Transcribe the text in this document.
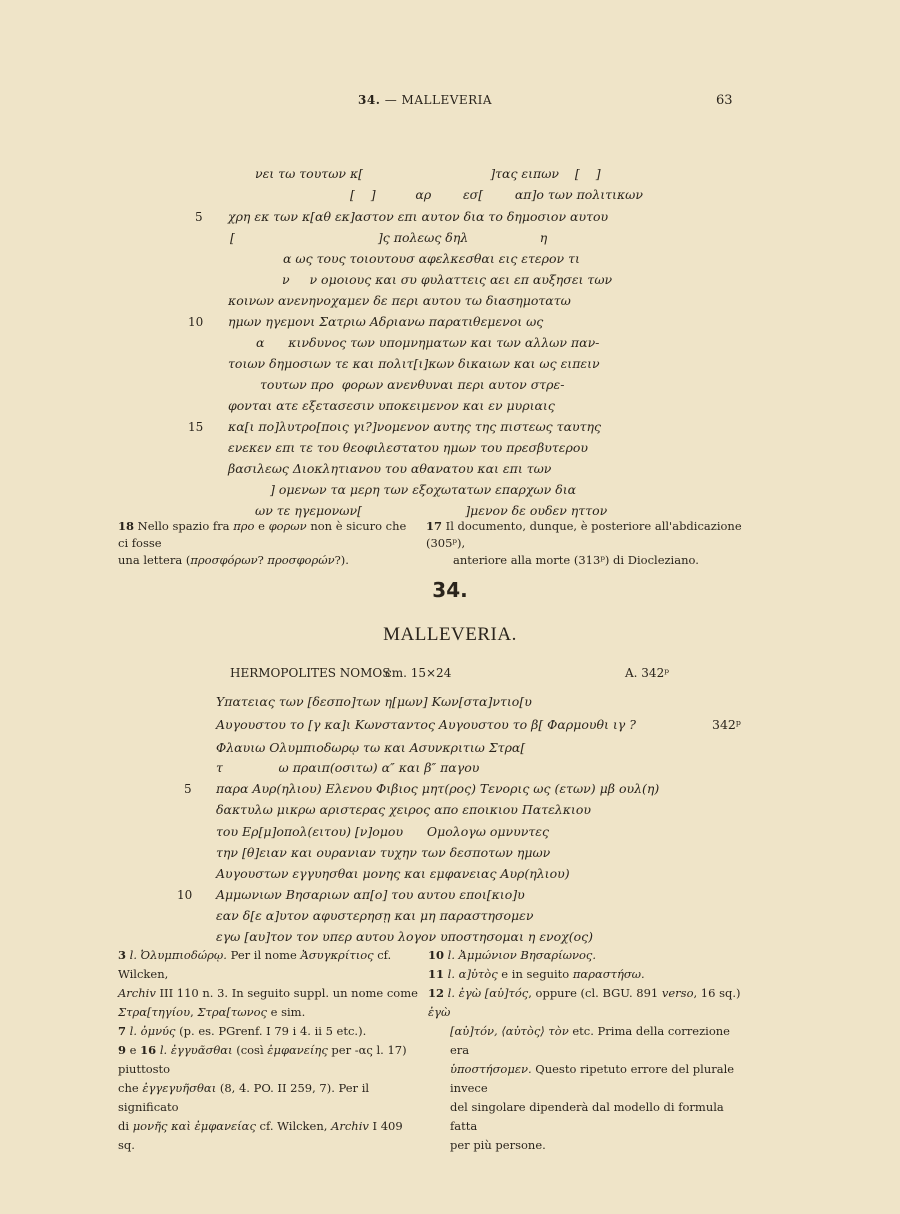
34. — MALLEVERIA	63
νει τω τουτων κ[                                ]τας ειπων    [    ]
[    ]          αρ        εσ[        απ]ο των πολιτικων
5 χρη εκ των κ[αθ εκ]αστον επι αυτον δια το δημοσιον αυτου
[                                    ]ς πολεως δηλ                  η
α ως τους τοιουτουσ αφελκεσθαι εις ετερον τι
ν     ν ομοιους και συ φυλαττεις αει επ αυξησει των
κοινων ανενηνοχαμεν δε περι αυτου τω διασημοτατω
10 ημων ηγεμονι Σατριω Αδριανω παρατιθεμενοι ως
α      κινδυνος των υπομνηματων και των αλλων παν-
τοιων δημοσιων τε και πολιτ[ι]κων δικαιων και ως ειπειν
τουτων προ  φορων ανενθυναι περι αυτον στρε-
φονται ατε εξετασεσιν υποκειμενον και εν μυριαις
15 κα[ι πο]λυτρο[ποις γι?]νομενον αυτης της πιστεως ταυτης
ενεκεν επι τε του θεοφιλεστατου ημων του πρεσβυτερου
βασιλεως Διοκλητιανου του αθανατου και επι των
] ομενων τα μερη των εξοχωτατων επαρχων δια
ων τε ηγεμονων[                          ]μενον δε ουδεν ηττον

18 Nello spazio fra προ e φορων non è sicuro che ci fosse

una lettera (προσφόρων? προσφορών?).

17 Il documento, dunque, è posteriore all'abdicazione (305ᵖ),

anteriore alla morte (313ᵖ) di Diocleziano.

34.
MALLEVERIA.
HERMOPOLITES NOMOS
cm. 15×24	A. 342ᵖ
Υπατειας των [δεσπο]των η[μων] Κων[στα]ντιο[υ
Αυγουστου το [γ κα]ι Κωνσταντος Αυγουστου το β[ Φαρμουθι ιγ ?	342ᵖ
Φλαυιω Ολυμπιοδωρῳ τω και Ασυνκριτιω Στρα[
τ              ω πραιπ(οσιτω) α″ και β″ παγου
5 παρα Αυρ(ηλιου) Ελενου Φιβιος μητ(ρος) Τενορις ως (ετων) μβ ουλ(η)
δακτυλω μικρω αριστερας χειρος απο εποικιου Πατελκιου
του Ερ[μ]οπολ(ειτου) [ν]ομου      Ομολογω ομνυντες
την [θ]ειαν και ουρανιαν τυχην των δεσποτων ημων
Αυγουστων εγγυησθαι μονης και εμφανειας Αυρ(ηλιου)
10 Αμμωνιων Βησαριων απ[ο] του αυτου εποι[κιο]υ
εαν δ[ε α]υτον αφυστερησῃ και μη παραστησομεν
εγω [αυ]τον τον υπερ αυτου λογον υποστησομαι η ενοχ(ος)

3 l. Ὀλυμπιοδώρῳ. Per il nome Ἀσυγκρίτιος cf. Wilcken,

Archiv III 110 n. 3. In seguito suppl. un nome come

Στρα[τηγίου, Στρα[τωνος e sim.

7 l. ὀμνύς (p. es. PGrenf. I 79 i 4. ii 5 etc.).

9 e 16 l. ἐγγυᾶσθαι (così ἐμφανείης per -ας l. 17) piuttosto

che ἐγγεγυῆσθαι (8, 4. PO. II 259, 7). Per il significato

di μονῆς καὶ ἐμφανείας cf. Wilcken, Archiv I 409 sq.

10 l. Ἀμμώνιον Βησαρίωνος.

11 l. α]ὐτὸς e in seguito παραστήσω.

12 l. ἐγὼ [αὐ]τός, oppure (cl. BGU. 891 verso, 16 sq.) ἐγὼ

[αὐ]τόν, ⟨αὐτὸς⟩ τὸν etc. Prima della correzione era

ὑποστήσομεν. Questo ripetuto errore del plurale invece

del singolare dipenderà dal modello di formula fatta

per più persone.
